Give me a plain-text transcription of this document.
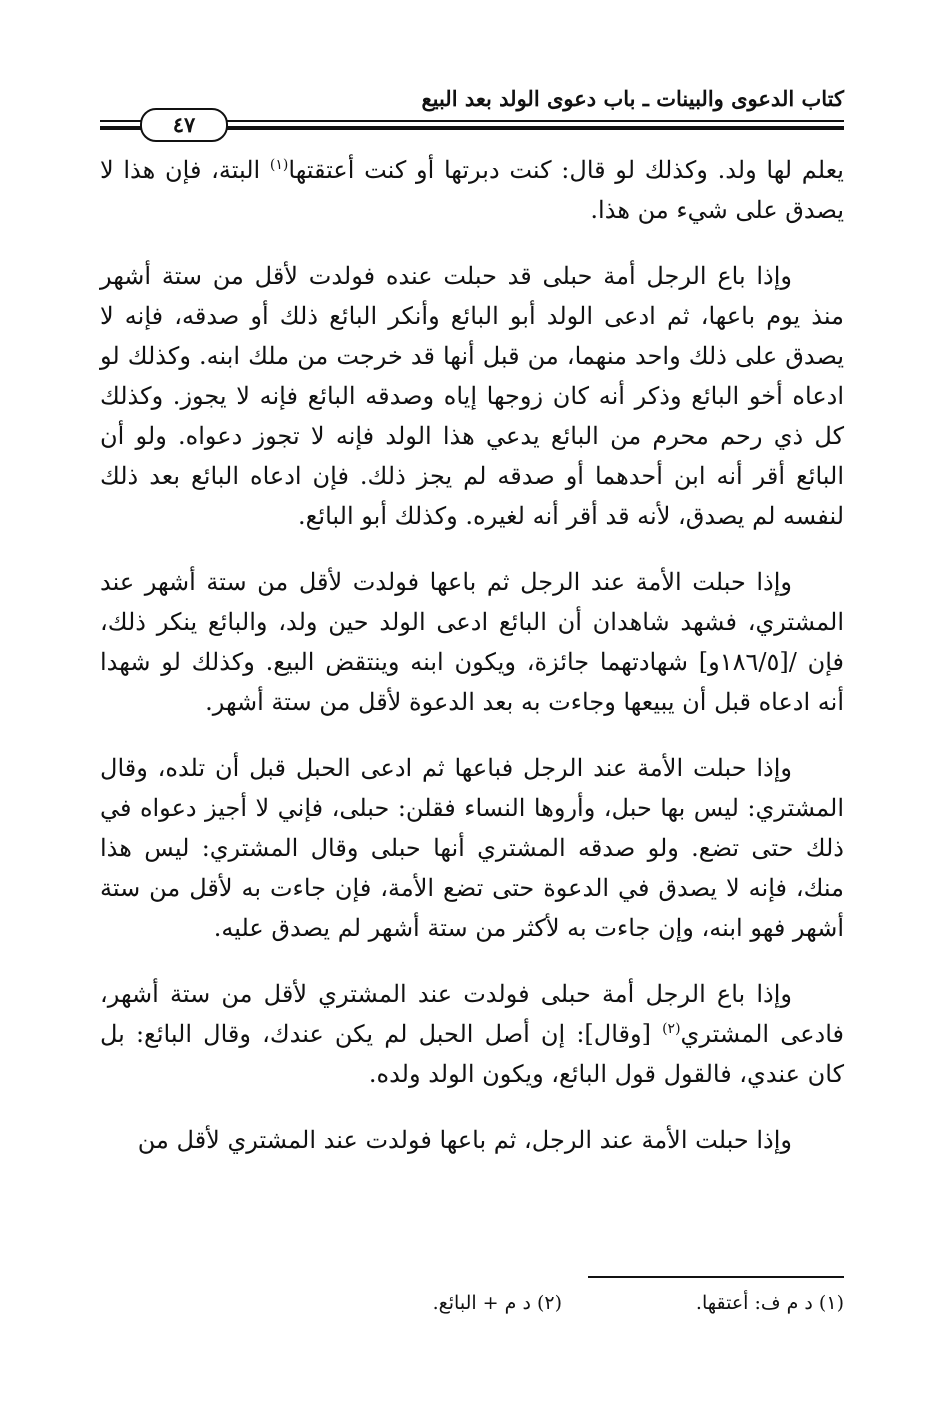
كتاب الدعوى والبينات ـ باب دعوى الولد بعد البيع
٤٧

يعلم لها ولد. وكذلك لو قال: كنت دبرتها أو كنت أعتقتها$^{(١)}$ البتة، فإن هذا لا يصدق على شيء من هذا.

وإذا باع الرجل أمة حبلى قد حبلت عنده فولدت لأقل من ستة أشهر منذ يوم باعها، ثم ادعى الولد أبو البائع وأنكر البائع ذلك أو صدقه، فإنه لا يصدق على ذلك واحد منهما، من قبل أنها قد خرجت من ملك ابنه. وكذلك لو ادعاه أخو البائع وذكر أنه كان زوجها إياه وصدقه البائع فإنه لا يجوز. وكذلك كل ذي رحم محرم من البائع يدعي هذا الولد فإنه لا تجوز دعواه. ولو أن البائع أقر أنه ابن أحدهما أو صدقه لم يجز ذلك. فإن ادعاه البائع بعد ذلك لنفسه لم يصدق، لأنه قد أقر أنه لغيره. وكذلك أبو البائع.

وإذا حبلت الأمة عند الرجل ثم باعها فولدت لأقل من ستة أشهر عند المشتري، فشهد شاهدان أن البائع ادعى الولد حين ولد، والبائع ينكر ذلك، فإن /[١٨٦/٥و] شهادتهما جائزة، ويكون ابنه وينتقض البيع. وكذلك لو شهدا أنه ادعاه قبل أن يبيعها وجاءت به بعد الدعوة لأقل من ستة أشهر.

وإذا حبلت الأمة عند الرجل فباعها ثم ادعى الحبل قبل أن تلده، وقال المشتري: ليس بها حبل، وأروها النساء فقلن: حبلى، فإني لا أجيز دعواه في ذلك حتى تضع. ولو صدقه المشتري أنها حبلى وقال المشتري: ليس هذا منك، فإنه لا يصدق في الدعوة حتى تضع الأمة، فإن جاءت به لأقل من ستة أشهر فهو ابنه، وإن جاءت به لأكثر من ستة أشهر لم يصدق عليه.

وإذا باع الرجل أمة حبلى فولدت عند المشتري لأقل من ستة أشهر، فادعى المشتري$^{(٢)}$ [وقال]: إن أصل الحبل لم يكن عندك، وقال البائع: بل كان عندي، فالقول قول البائع، ويكون الولد ولده.

وإذا حبلت الأمة عند الرجل، ثم باعها فولدت عند المشتري لأقل من

(١) د م ف: أعتقها.
(٢) د م + البائع.
